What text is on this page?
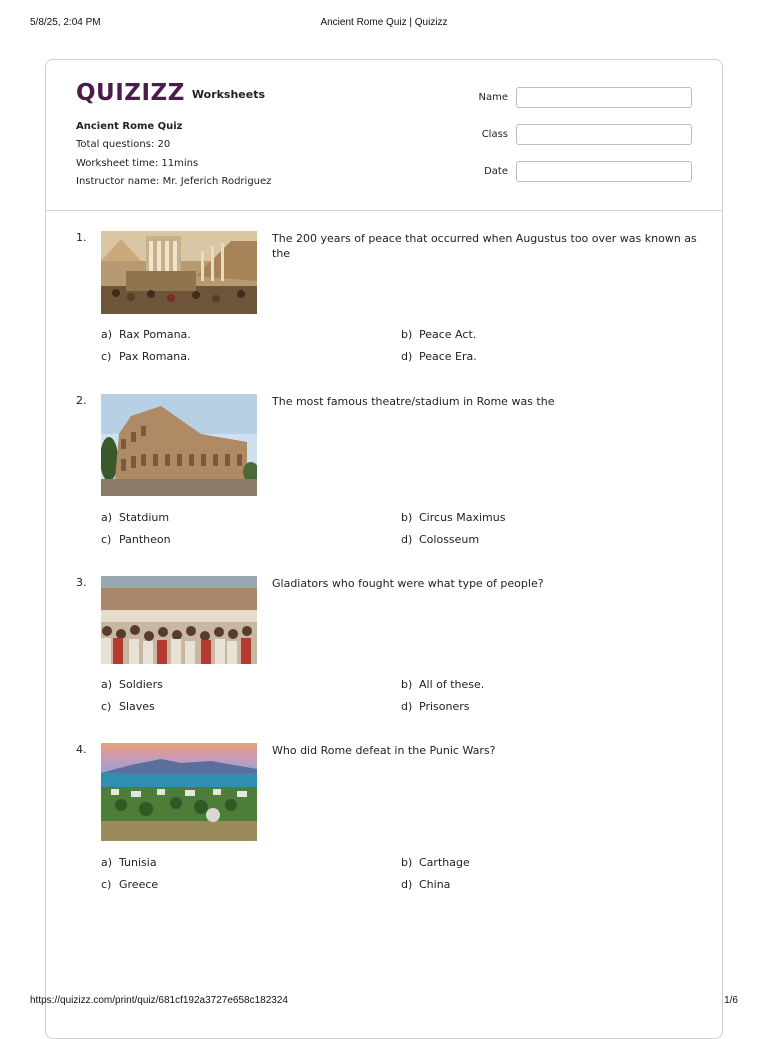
5/8/25, 2:04 PM	Ancient Rome Quiz | Quizizz
QUIZIZZ Worksheets
Ancient Rome Quiz
Total questions: 20
Worksheet time: 11mins
Instructor name: Mr. Jeferich Rodriguez
Name
Class
Date
1.	The 200 years of peace that occurred when Augustus too over was known as the
a) Rax Pomana.	b) Peace Act.
c) Pax Romana.	d) Peace Era.
2.	The most famous theatre/stadium in Rome was the
a) Statdium	b) Circus Maximus
c) Pantheon	d) Colosseum
3.	Gladiators who fought were what type of people?
a) Soldiers	b) All of these.
c) Slaves	d) Prisoners
4.	Who did Rome defeat in the Punic Wars?
a) Tunisia	b) Carthage
c) Greece	d) China
https://quizizz.com/print/quiz/681cf192a3727e658c182324	1/6
